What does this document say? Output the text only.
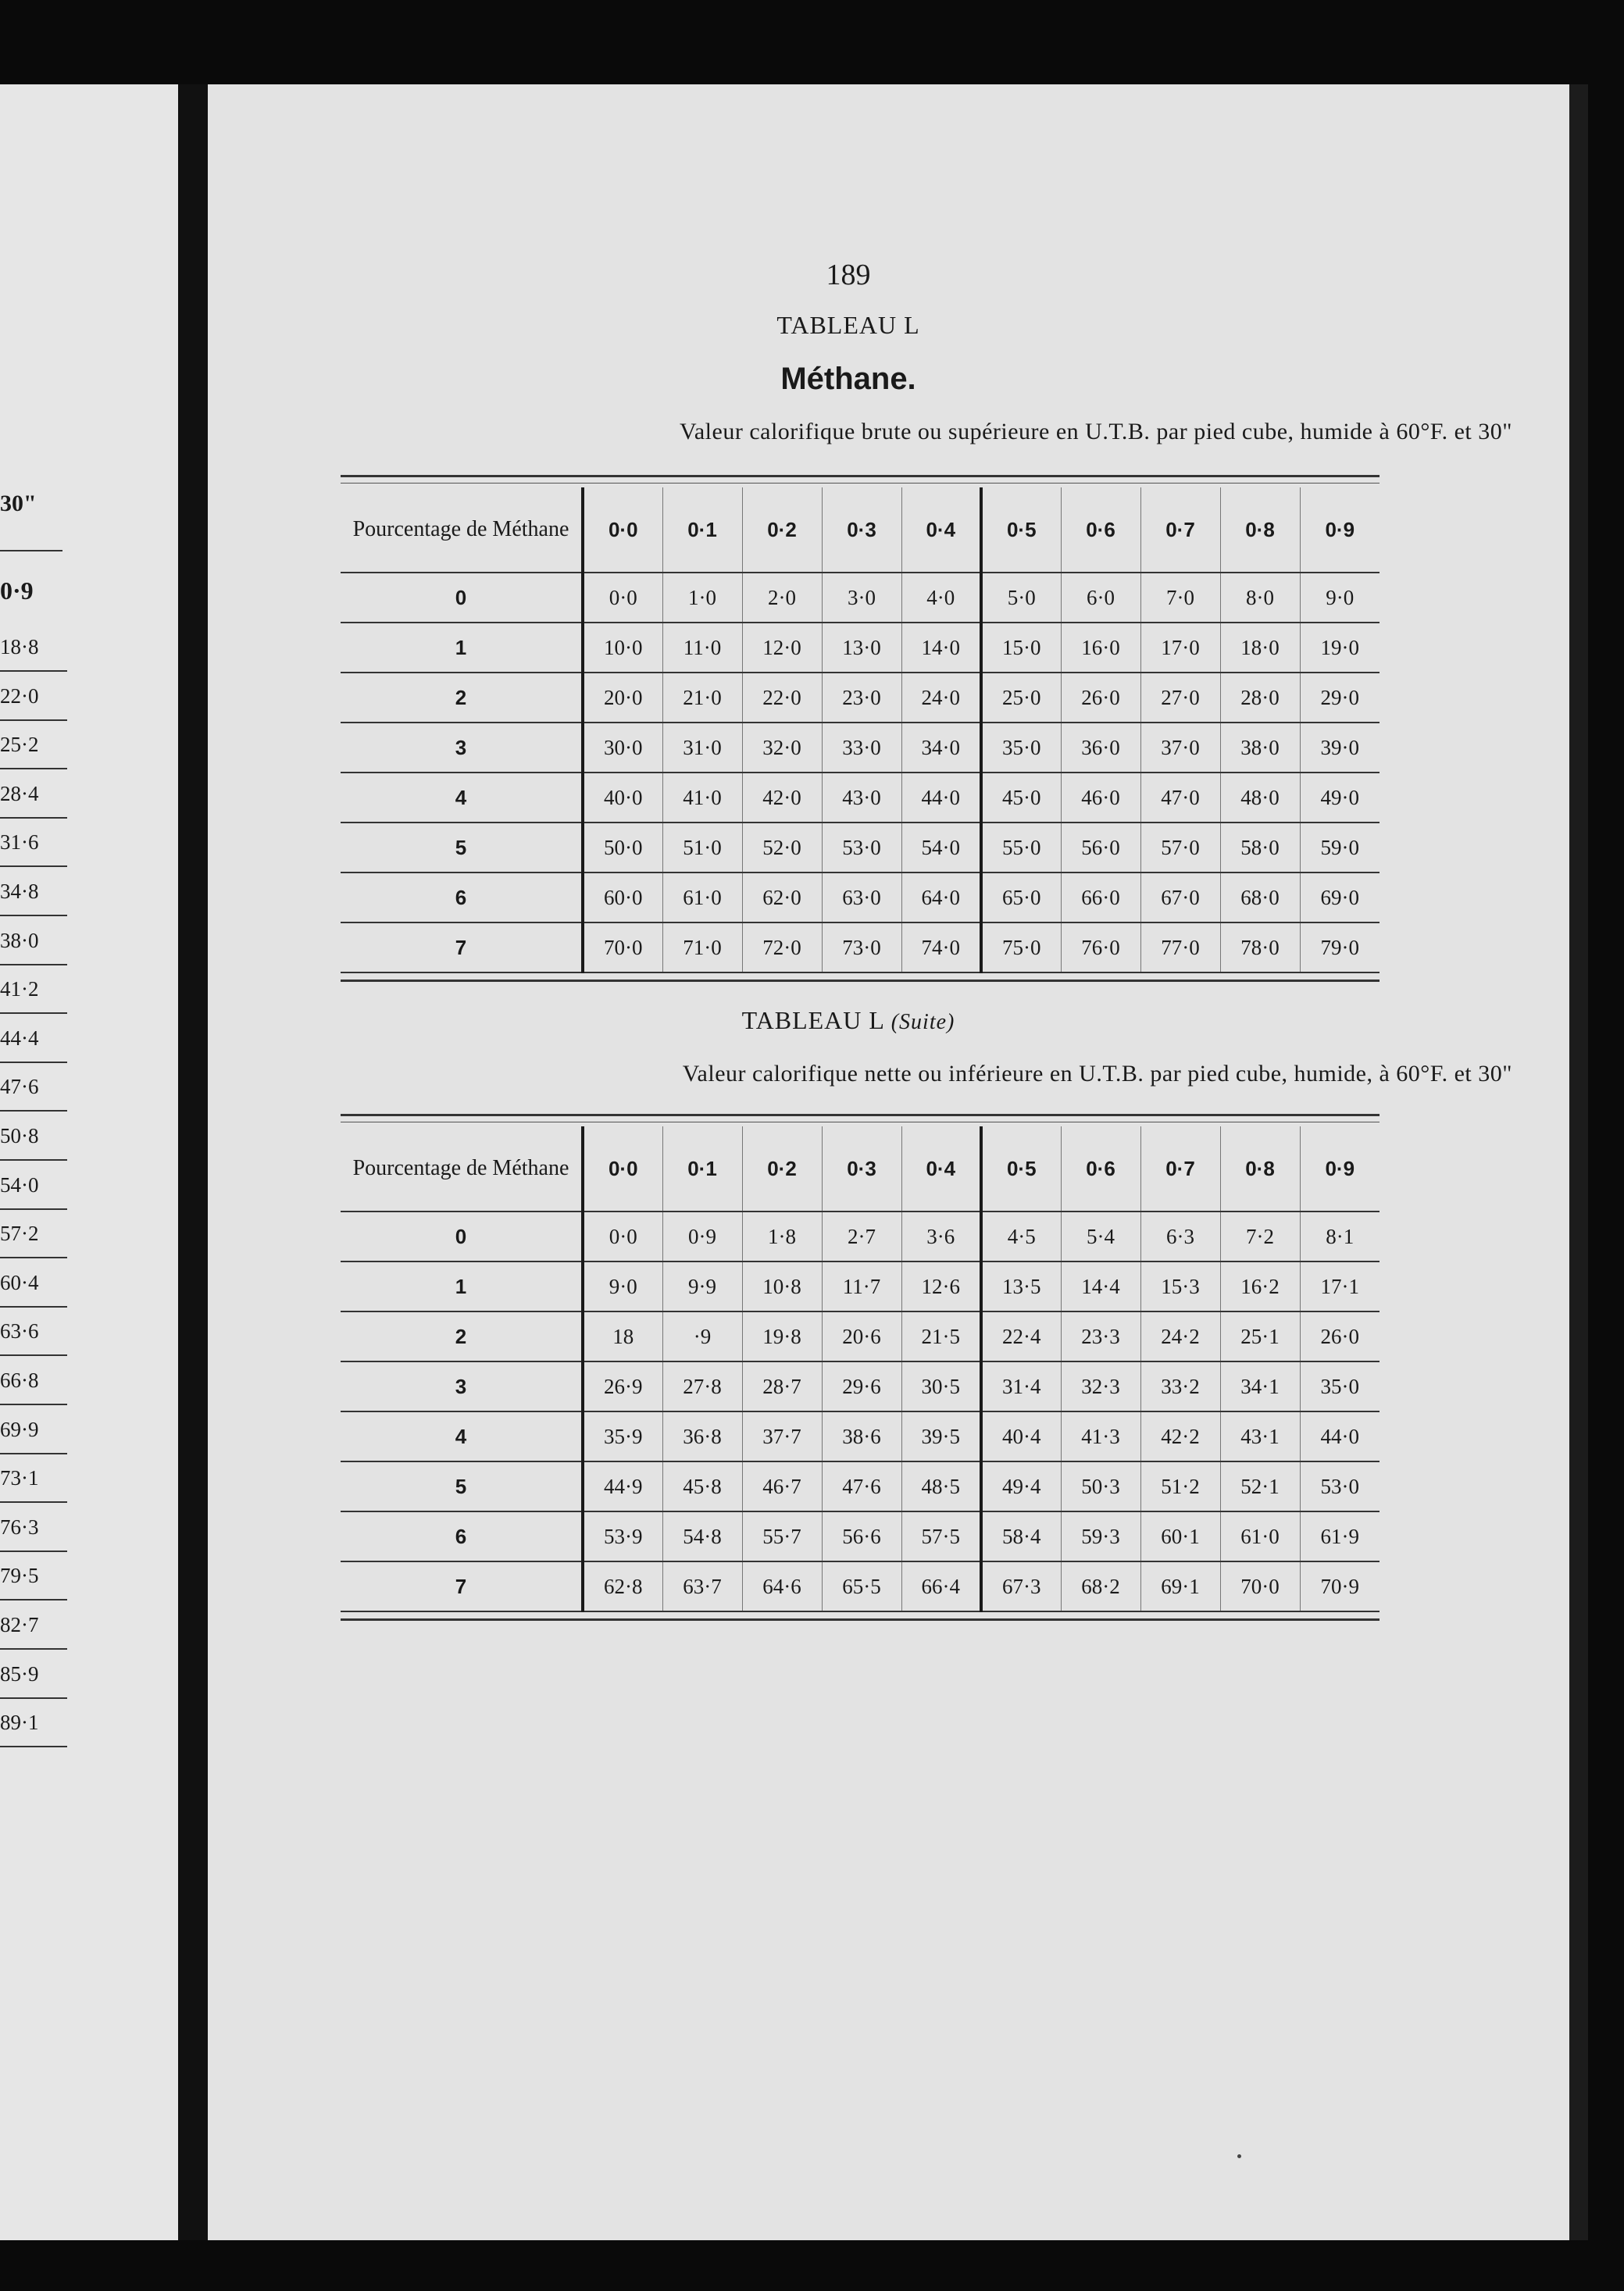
30"
0·9
18·8
22·0
25·2
28·4
31·6
34·8
38·0
41·2
44·4
47·6
50·8
54·0
57·2
60·4
63·6
66·8
69·9
73·1
76·3
79·5
82·7
85·9
89·1
189
TABLEAU L
Méthane.
Valeur calorifique brute ou supérieure en U.T.B. par pied cube, humide à 60°F. et 30"
Pourcentage de Méthane	0·0	0·1	0·2	0·3	0·4	0·5	0·6	0·7	0·8	0·9
0	0·0	1·0	2·0	3·0	4·0	5·0	6·0	7·0	8·0	9·0
1	10·0	11·0	12·0	13·0	14·0	15·0	16·0	17·0	18·0	19·0
2	20·0	21·0	22·0	23·0	24·0	25·0	26·0	27·0	28·0	29·0
3	30·0	31·0	32·0	33·0	34·0	35·0	36·0	37·0	38·0	39·0
4	40·0	41·0	42·0	43·0	44·0	45·0	46·0	47·0	48·0	49·0
5	50·0	51·0	52·0	53·0	54·0	55·0	56·0	57·0	58·0	59·0
6	60·0	61·0	62·0	63·0	64·0	65·0	66·0	67·0	68·0	69·0
7	70·0	71·0	72·0	73·0	74·0	75·0	76·0	77·0	78·0	79·0
TABLEAU L (Suite)
Valeur calorifique nette ou inférieure en U.T.B. par pied cube, humide, à 60°F. et 30"
Pourcentage de Méthane	0·0	0·1	0·2	0·3	0·4	0·5	0·6	0·7	0·8	0·9
0	0·0	0·9	1·8	2·7	3·6	4·5	5·4	6·3	7·2	8·1
1	9·0	9·9	10·8	11·7	12·6	13·5	14·4	15·3	16·2	17·1
2	18	·9	19·8	20·6	21·5	22·4	23·3	24·2	25·1	26·0
3	26·9	27·8	28·7	29·6	30·5	31·4	32·3	33·2	34·1	35·0
4	35·9	36·8	37·7	38·6	39·5	40·4	41·3	42·2	43·1	44·0
5	44·9	45·8	46·7	47·6	48·5	49·4	50·3	51·2	52·1	53·0
6	53·9	54·8	55·7	56·6	57·5	58·4	59·3	60·1	61·0	61·9
7	62·8	63·7	64·6	65·5	66·4	67·3	68·2	69·1	70·0	70·9
